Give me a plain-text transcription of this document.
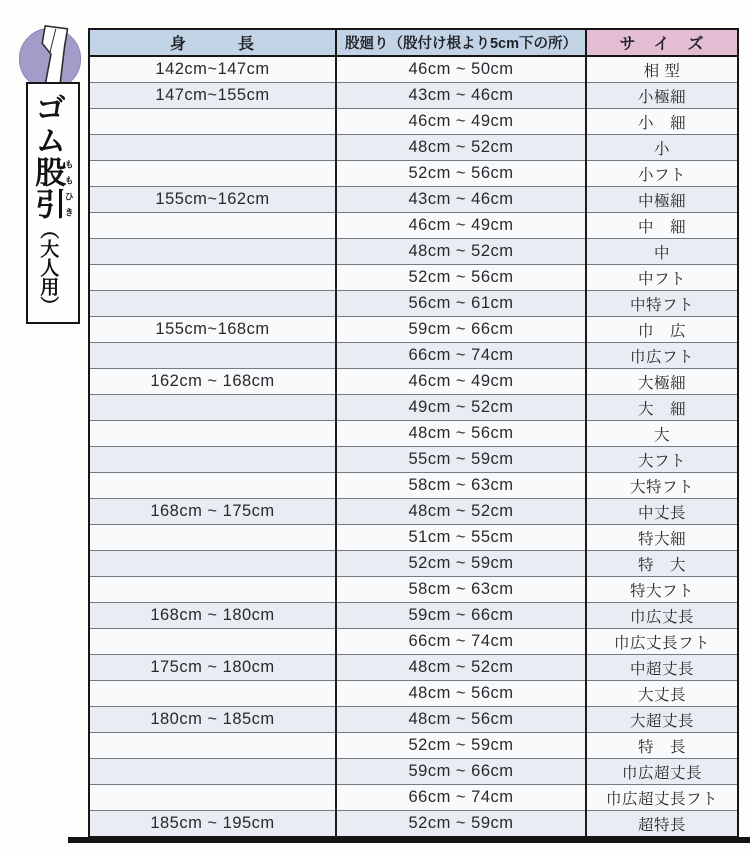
ゴム股引ももひき（大人用）
身　　　長	股廻り（股付け根より5cm下の所）	サ　イ　ズ
142cm~147cm	46cm ~ 50cm	相 型
147cm~155cm	43cm ~ 46cm	小極細
	46cm ~ 49cm	小　細
	48cm ~ 52cm	小
	52cm ~ 56cm	小フト
155cm~162cm	43cm ~ 46cm	中極細
	46cm ~ 49cm	中　細
	48cm ~ 52cm	中
	52cm ~ 56cm	中フト
	56cm ~ 61cm	中特フト
155cm~168cm	59cm ~ 66cm	巾　広
	66cm ~ 74cm	巾広フト
162cm ~ 168cm	46cm ~ 49cm	大極細
	49cm ~ 52cm	大　細
	48cm ~ 56cm	大
	55cm ~ 59cm	大フト
	58cm ~ 63cm	大特フト
168cm ~ 175cm	48cm ~ 52cm	中丈長
	51cm ~ 55cm	特大細
	52cm ~ 59cm	特　大
	58cm ~ 63cm	特大フト
168cm ~ 180cm	59cm ~ 66cm	巾広丈長
	66cm ~ 74cm	巾広丈長フト
175cm ~ 180cm	48cm ~ 52cm	中超丈長
	48cm ~ 56cm	大丈長
180cm ~ 185cm	48cm ~ 56cm	大超丈長
	52cm ~ 59cm	特　長
	59cm ~ 66cm	巾広超丈長
	66cm ~ 74cm	巾広超丈長フト
185cm ~ 195cm	52cm ~ 59cm	超特長
